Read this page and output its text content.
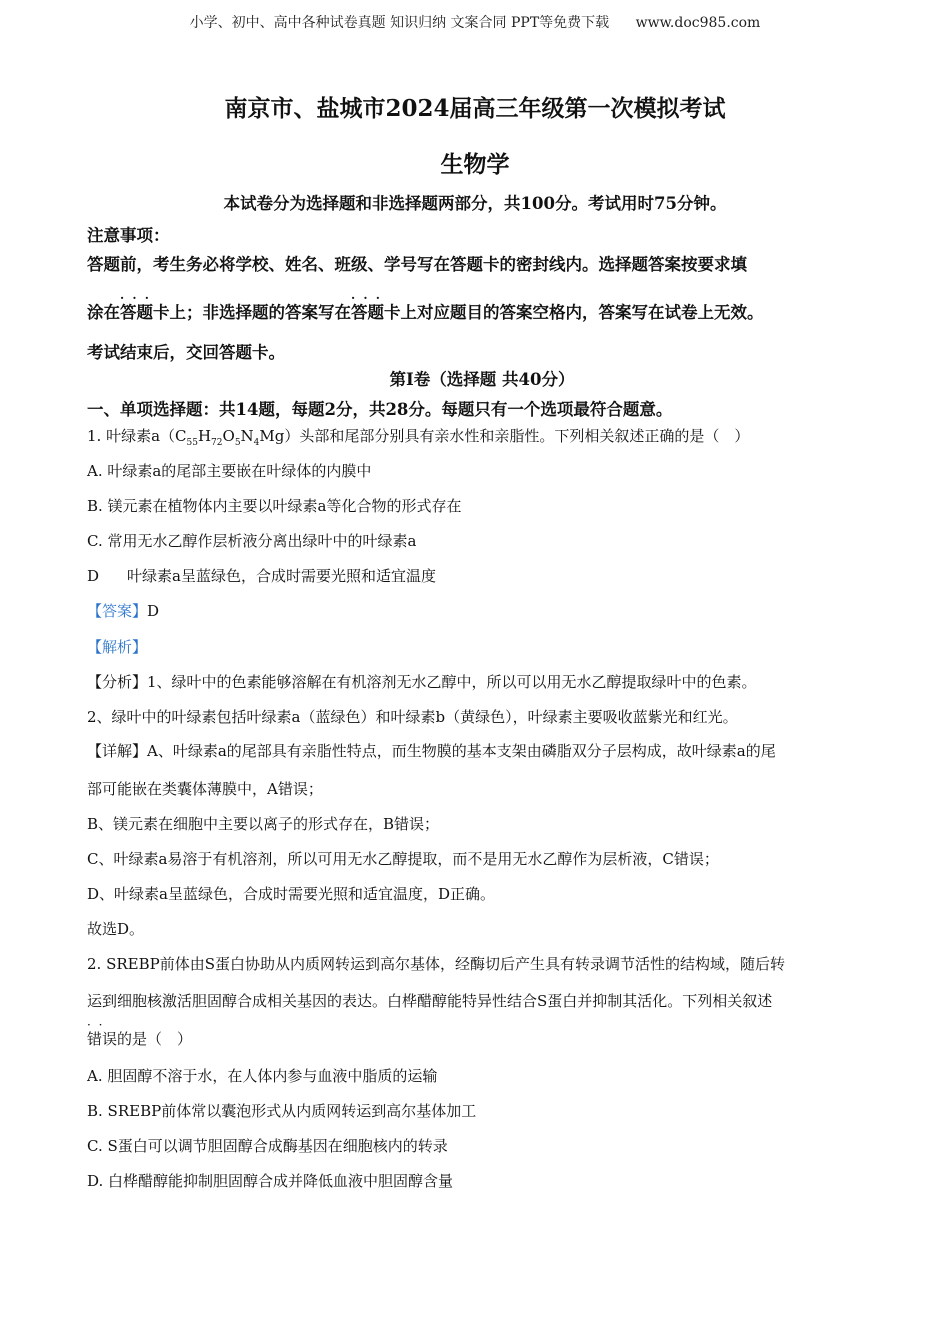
小学、初中、高中各种试卷真题 知识归纳 文案合同 PPT等免费下载 www.doc985.com
南京市、盐城市2024届高三年级第一次模拟考试
生物学
本试卷分为选择题和非选择题两部分，共100分。考试用时75分钟。
注意事项：
答题前，考生务必将学校、姓名、班级、学号写在答题卡的密封线内。选择题答案按要求填
涂在
· · ·
答题卡上；非选择题的答案写在
· · ·
答题卡上对应题目的答案空格内，答案写在试卷上无效。
考试结束后，交回答题卡。
第I卷（选择题 共40分）
一、单项选择题：共14题，每题2分，共28分。每题只有一个选项最符合题意。
1. 叶绿素$a(C_{55}H_{72}O_5N_4Mg)$头部和尾部分别具有亲水性和亲脂性。下列相关叙述正确的是（　）
A. 叶绿素a的尾部主要嵌在叶绿体的内膜中
B. 镁元素在植物体内主要以叶绿素a等化合物的形式存在
C. 常用无水乙醇作层析液分离出绿叶中的叶绿素a
D 叶绿素a呈蓝绿色，合成时需要光照和适宜温度
【答案】D
【解析】
【分析】1、绿叶中的色素能够溶解在有机溶剂无水乙醇中，所以可以用无水乙醇提取绿叶中的色素。
2、绿叶中的叶绿素包括叶绿素a（蓝绿色）和叶绿素b（黄绿色），叶绿素主要吸收蓝紫光和红光。
【详解】A、叶绿素a的尾部具有亲脂性特点，而生物膜的基本支架由磷脂双分子层构成，故叶绿素a的尾
部可能嵌在类囊体薄膜中，A错误；
B、镁元素在细胞中主要以离子的形式存在，B错误；
C、叶绿素a易溶于有机溶剂，所以可用无水乙醇提取，而不是用无水乙醇作为层析液，C错误；
D、叶绿素a呈蓝绿色，合成时需要光照和适宜温度，D正确。
故选D。
2. SREBP前体由S蛋白协助从内质网转运到高尔基体，经酶切后产生具有转录调节活性的结构域，随后转
运到细胞核激活胆固醇合成相关基因的表达。白桦醋醇能特异性结合S蛋白并抑制其活化。下列相关叙述
· ·
错误的是（　）
A. 胆固醇不溶于水，在人体内参与血液中脂质的运输
B. SREBP前体常以囊泡形式从内质网转运到高尔基体加工
C. S蛋白可以调节胆固醇合成酶基因在细胞核内的转录
D. 白桦醋醇能抑制胆固醇合成并降低血液中胆固醇含量
